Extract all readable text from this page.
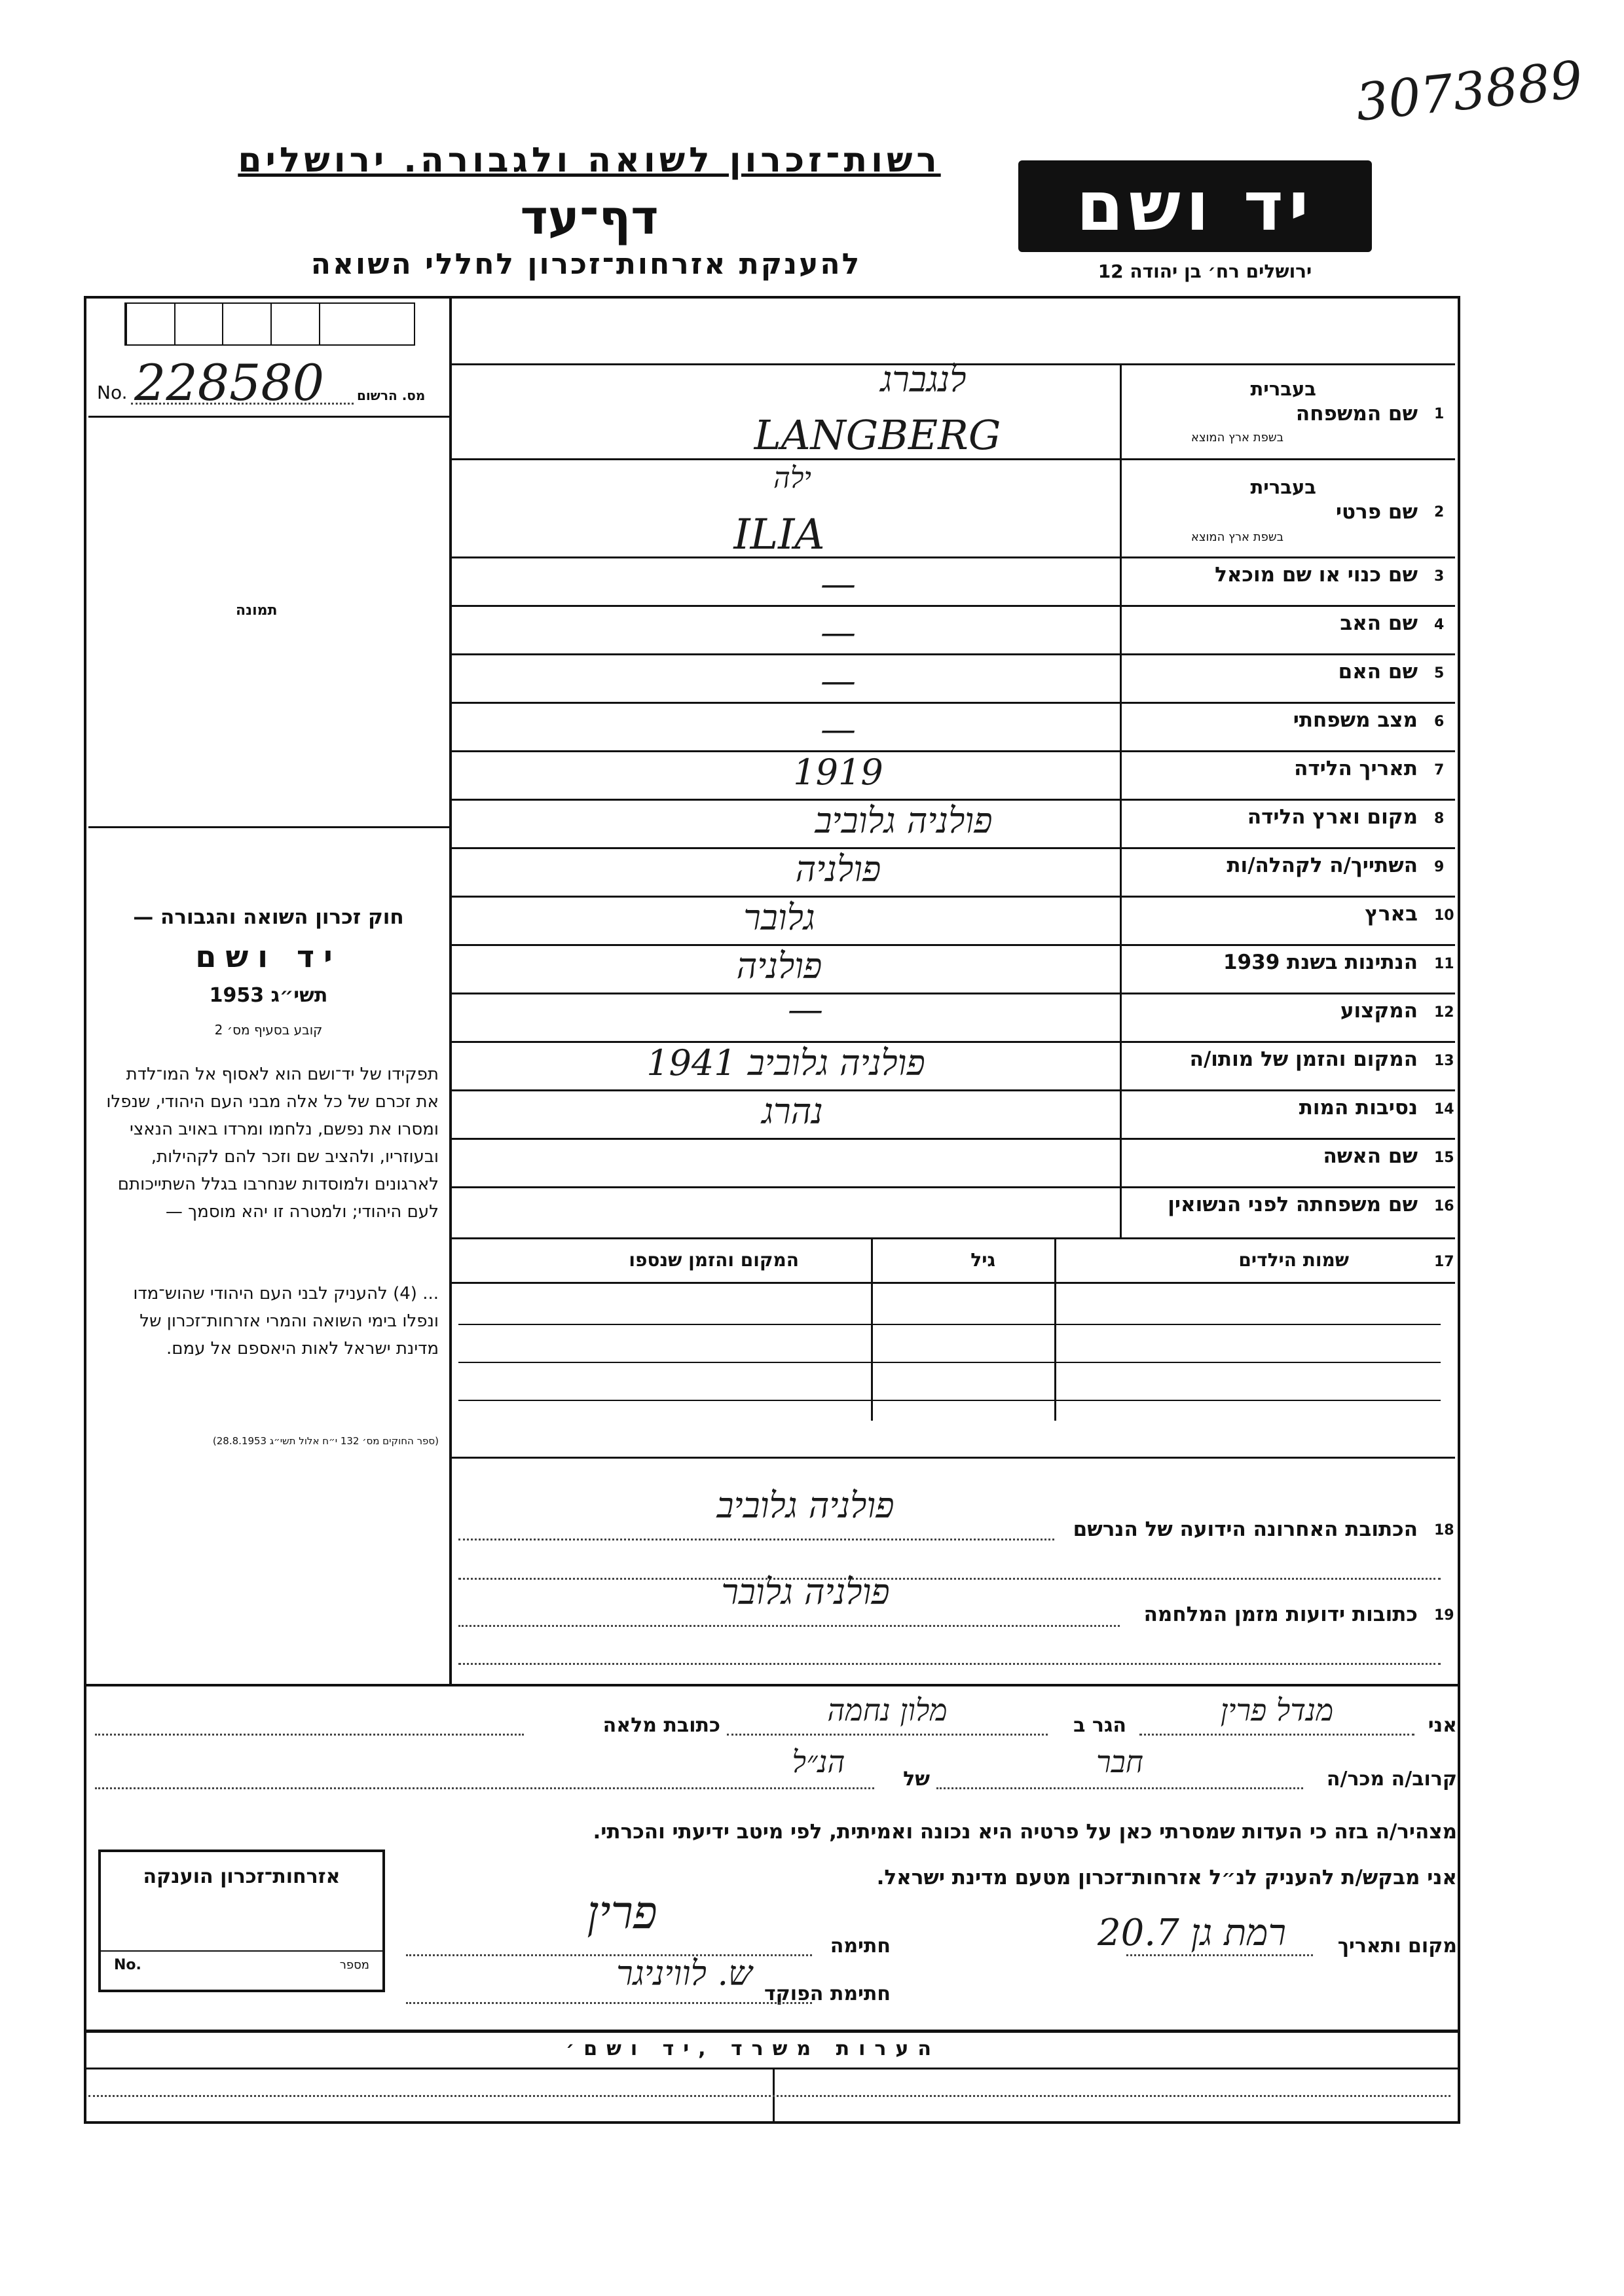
3073889
רשות־זכרון לשואה ולגבורה. ירושלים
דף־עד
להענקת אזרחות־זכרון לחללי השואה
יד ושם
ירושלים רח׳ בן יהודה 12
No. 228580 מס. הרשום
תמונה
חוק זכרון השואה והגבורה —
יד ושם
תשי״ג 1953
קובע בסעיף מס׳ 2
תפקידו של יד־ושם הוא לאסוף אל המו־לדת את זכרם של כל אלה מבני העם היהודי, שנפלו ומסרו את נפשם, נלחמו ומרדו באויב הנאצי ובעוזריו, ולהציב שם וזכר להם לקהילות, לארגונים ולמוסדות שנחרבו בגלל השתייכותם לעם היהודי; ולמטרה זו יהא מוסמך —
... (4) להעניק לבני העם היהודי שהוש־מדו ונפלו בימי השואה והמרי אזרחות־זכרון של מדינת ישראל לאות היאספם אל עמם.
(ספר החוקים מס׳ 132 י״ח אלול תשי״ג 28.8.1953)
1
שם המשפחה
בעברית
בשפת ארץ המוצא
לנגברג
LANGBERG
2
שם פרטי
בעברית
בשפת ארץ המוצא
ילה
ILIA
3
שם כנוי או שם מוכאל
—
4
שם האב
—
5
שם האם
—
6
מצב משפחתי
—
7
תאריך הלידה
1919
8
מקום וארץ הלידה
פולניה גלוביב
9
השתייך/ה לקהלה/ות
פולניה
10
בארץ
גלובר
11
הנתינות בשנת 1939
פולניה
12
המקצוע
—
13
המקום והזמן של מותו/ה
פולניה גלוביב 1941
14
נסיבות המות
נהרג
15
שם האשה
16
שם משפחתה לפני הנשואין
17
שמות הילדים
גיל
המקום והזמן שנספו
18
הכתובת האחרונה הידועה של הנרשם
פולניה גלוביב
19
כתובות ידועות מזמן המלחמה
פולניה גלובר
אני
מנדל פרין
הגר ב
מלון נחמה
כתובת מלאה
קרוב/ה מכר/ה
חבר
של
הנ״ל
מצהיר/ה בזה כי העדות שמסרתי כאן על פרטיה היא נכונה ואמיתית, לפי מיטב ידיעתי והכרתי.
אני מבקש/ת להעניק לנ״ל אזרחות־זכרון מטעם מדינת ישראל.
מקום ותאריך
רמת גן 20.7
חתימה
פרין
חתימת הפוקד
ש. לוויניגר
אזרחות־זכרון הוענקה
No.	מספר
הערות משרד ,יד ושם׳
